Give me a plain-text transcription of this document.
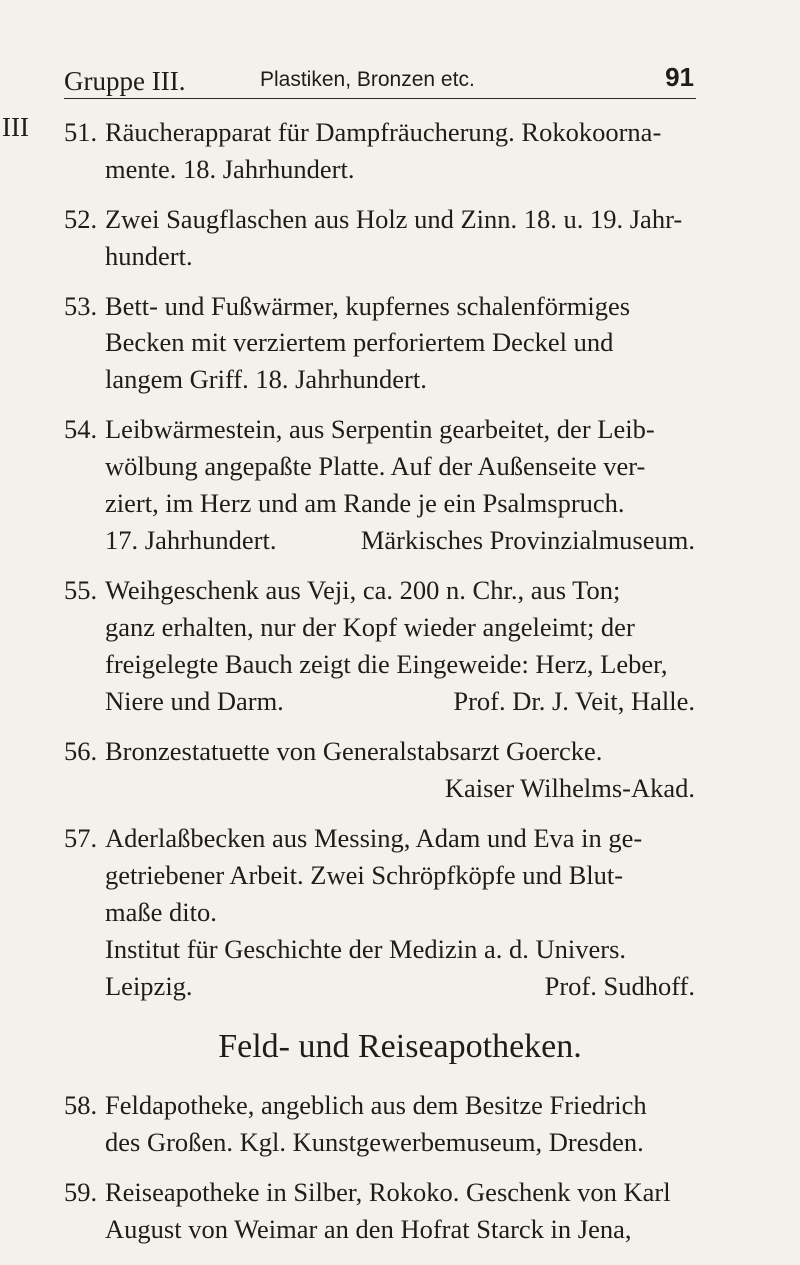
Gruppe III.	Plastiken, Bronzen etc.	91
III 51. Räucherapparat für Dampfräucherung. Rokokoorna-
mente. 18. Jahrhundert.
52. Zwei Saugflaschen aus Holz und Zinn. 18. u. 19. Jahr-
hundert.
53. Bett- und Fußwärmer, kupfernes schalenförmiges
Becken mit verziertem perforiertem Deckel und
langem Griff. 18. Jahrhundert.
54. Leibwärmestein, aus Serpentin gearbeitet, der Leib-
wölbung angepaßte Platte. Auf der Außenseite ver-
ziert, im Herz und am Rande je ein Psalmspruch.
17. Jahrhundert.	Märkisches Provinzialmuseum.
55. Weihgeschenk aus Veji, ca. 200 n. Chr., aus Ton;
ganz erhalten, nur der Kopf wieder angeleimt; der
freigelegte Bauch zeigt die Eingeweide: Herz, Leber,
Niere und Darm.	Prof. Dr. J. Veit, Halle.
56. Bronzestatuette von Generalstabsarzt Goercke.
Kaiser Wilhelms-Akad.
57. Aderlaßbecken aus Messing, Adam und Eva in ge-
getriebener Arbeit. Zwei Schröpfköpfe und Blut-
maße dito.
Feld- und Reiseapotheken.
Institut für Geschichte der Medizin a. d. Univers.
Leipzig.	Prof. Sudhoff.
58. Feldapotheke, angeblich aus dem Besitze Friedrich
des Großen. Kgl. Kunstgewerbemuseum, Dresden.
59. Reiseapotheke in Silber, Rokoko. Geschenk von Karl
August von Weimar an den Hofrat Starck in Jena,
